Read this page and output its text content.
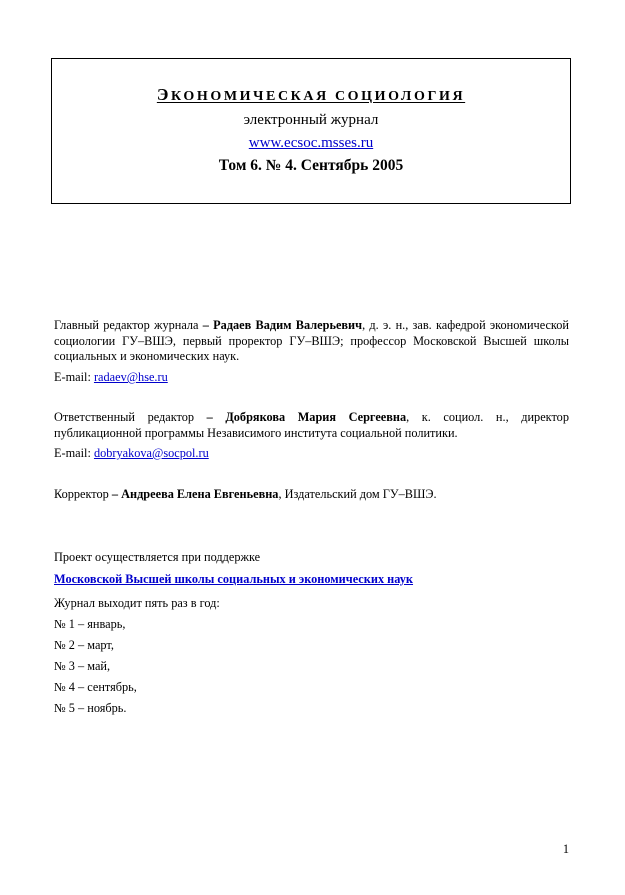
ЭКОНОМИЧЕСКАЯ СОЦИОЛОГИЯ
электронный журнал
www.ecsoc.msses.ru
Том 6. № 4. Сентябрь 2005
Главный редактор журнала – Радаев Вадим Валерьевич, д. э. н., зав. кафедрой экономической социологии ГУ–ВШЭ, первый проректор ГУ–ВШЭ; профессор Московской Высшей школы социальных и экономических наук.
E-mail: radaev@hse.ru
Ответственный редактор – Добрякова Мария Сергеевна, к. социол. н., директор публикационной программы Независимого института социальной политики.
E-mail: dobryakova@socpol.ru
Корректор – Андреева Елена Евгеньевна, Издательский дом ГУ–ВШЭ.
Проект осуществляется при поддержке
Московской Высшей школы социальных и экономических наук
Журнал выходит пять раз в год:
№ 1 – январь,
№ 2 – март,
№ 3 – май,
№ 4 – сентябрь,
№ 5 – ноябрь.
1
